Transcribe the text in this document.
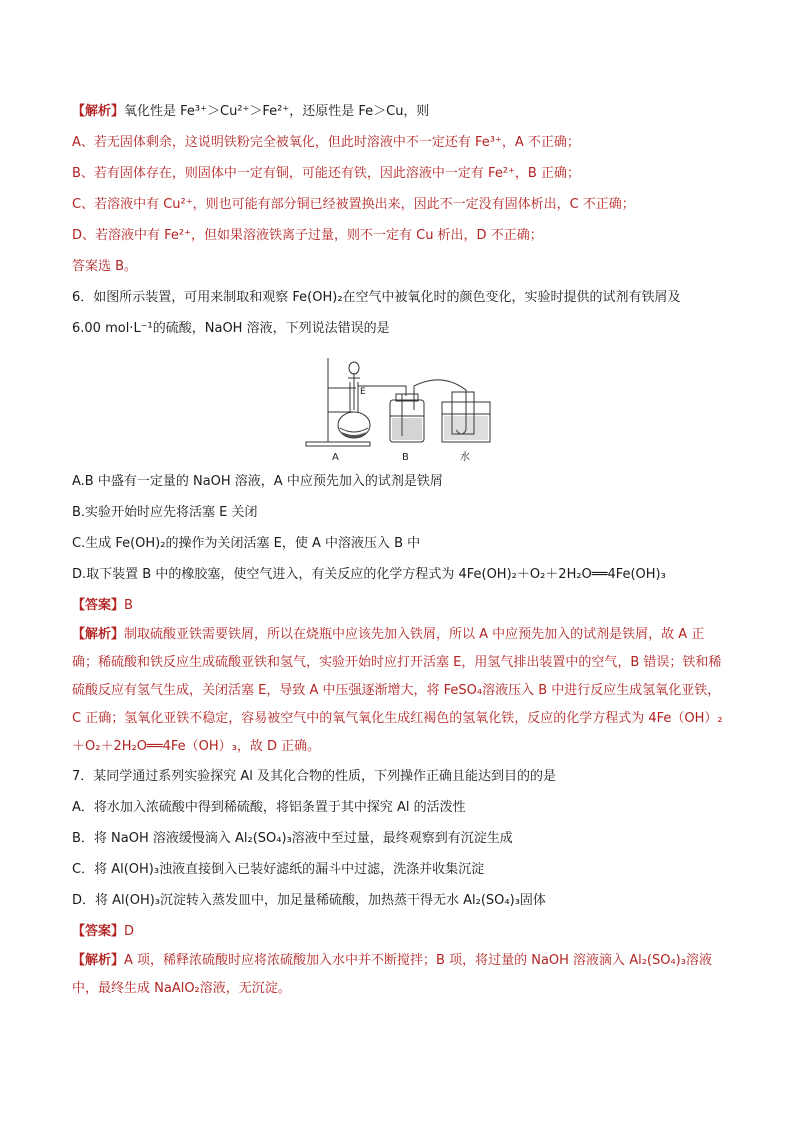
【解析】氧化性是 Fe³⁺＞Cu²⁺＞Fe²⁺，还原性是 Fe＞Cu，则
A、若无固体剩余，这说明铁粉完全被氧化，但此时溶液中不一定还有 Fe³⁺，A 不正确；
B、若有固体存在，则固体中一定有铜，可能还有铁，因此溶液中一定有 Fe²⁺，B 正确；
C、若溶液中有 Cu²⁺，则也可能有部分铜已经被置换出来，因此不一定没有固体析出，C 不正确；
D、若溶液中有 Fe²⁺，但如果溶液铁离子过量，则不一定有 Cu 析出，D 不正确；
答案选 B。
6．如图所示装置，可用来制取和观察 Fe(OH)₂在空气中被氧化时的颜色变化，实验时提供的试剂有铁屑及
6.00 mol·L⁻¹的硫酸，NaOH 溶液，下列说法错误的是
E
A	B	水
A.B 中盛有一定量的 NaOH 溶液，A 中应预先加入的试剂是铁屑
B.实验开始时应先将活塞 E 关闭
C.生成 Fe(OH)₂的操作为关闭活塞 E，使 A 中溶液压入 B 中
D.取下装置 B 中的橡胶塞，使空气进入，有关反应的化学方程式为 4Fe(OH)₂＋O₂＋2H₂O══4Fe(OH)₃
【答案】B
【解析】制取硫酸亚铁需要铁屑，所以在烧瓶中应该先加入铁屑，所以 A 中应预先加入的试剂是铁屑，故 A 正确；稀硫酸和铁反应生成硫酸亚铁和氢气，实验开始时应打开活塞 E，用氢气排出装置中的空气，B 错误；铁和稀硫酸反应有氢气生成，关闭活塞 E，导致 A 中压强逐渐增大，将 FeSO₄溶液压入 B 中进行反应生成氢氧化亚铁，C 正确；氢氧化亚铁不稳定，容易被空气中的氧气氧化生成红褐色的氢氧化铁，反应的化学方程式为 4Fe（OH）₂＋O₂＋2H₂O══4Fe（OH）₃，故 D 正确。
7．某同学通过系列实验探究 Al 及其化合物的性质，下列操作正确且能达到目的的是
A．将水加入浓硫酸中得到稀硫酸，将铝条置于其中探究 Al 的活泼性
B．将 NaOH 溶液缓慢滴入 Al₂(SO₄)₃溶液中至过量，最终观察到有沉淀生成
C．将 Al(OH)₃浊液直接倒入已装好滤纸的漏斗中过滤，洗涤并收集沉淀
D．将 Al(OH)₃沉淀转入蒸发皿中，加足量稀硫酸，加热蒸干得无水 Al₂(SO₄)₃固体
【答案】D
【解析】A 项，稀释浓硫酸时应将浓硫酸加入水中并不断搅拌；B 项，将过量的 NaOH 溶液滴入 Al₂(SO₄)₃溶液中，最终生成 NaAlO₂溶液，无沉淀。
